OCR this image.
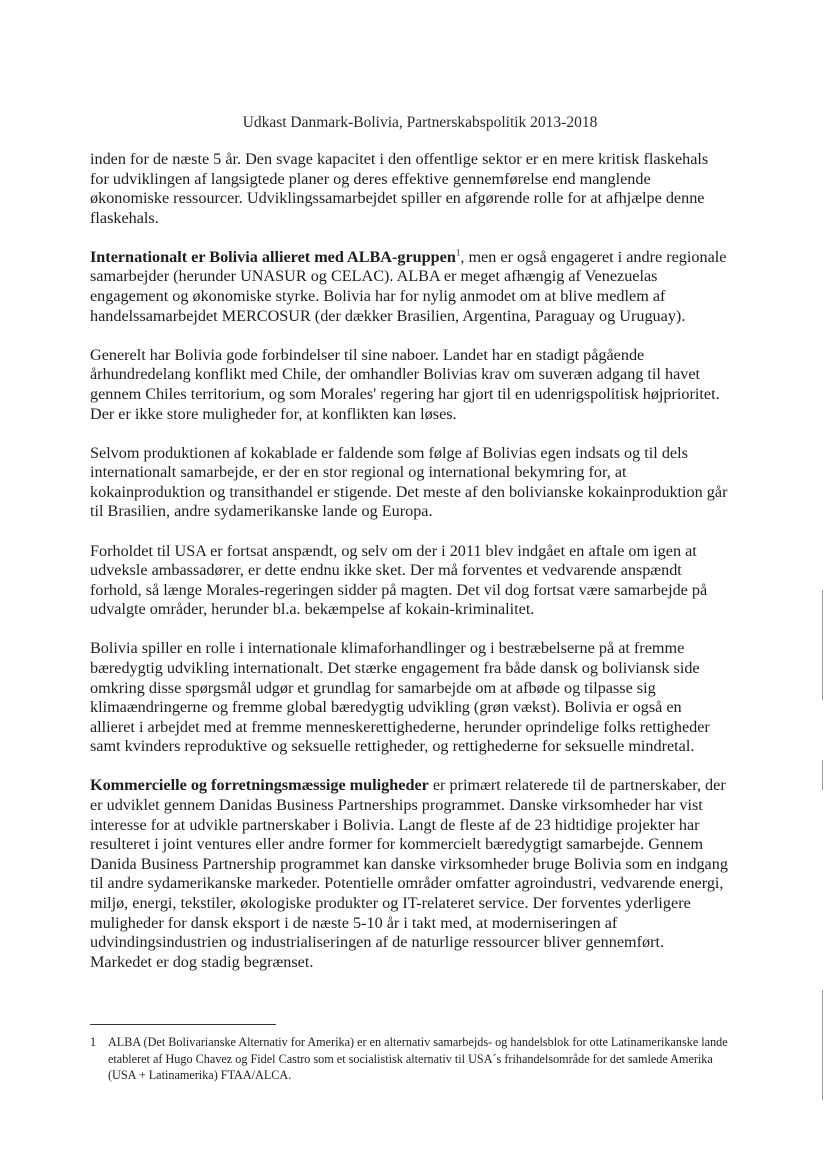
Udkast Danmark-Bolivia, Partnerskabspolitik 2013-2018

inden for de næste 5 år. Den svage kapacitet i den offentlige sektor er en mere kritisk flaskehals for udviklingen af langsigtede planer og deres effektive gennemførelse end manglende økonomiske ressourcer. Udviklingssamarbejdet spiller en afgørende rolle for at afhjælpe denne flaskehals.

Internationalt er Bolivia allieret med ALBA-gruppen$^1$, men er også engageret i andre regionale samarbejder (herunder UNASUR og CELAC). ALBA er meget afhængig af Venezuelas engagement og økonomiske styrke. Bolivia har for nylig anmodet om at blive medlem af handelssamarbejdet MERCOSUR (der dækker Brasilien, Argentina, Paraguay og Uruguay).

Generelt har Bolivia gode forbindelser til sine naboer. Landet har en stadigt pågående århundredelang konflikt med Chile, der omhandler Bolivias krav om suveræn adgang til havet gennem Chiles territorium, og som Morales' regering har gjort til en udenrigspolitisk højprioritet. Der er ikke store muligheder for, at konflikten kan løses.

Selvom produktionen af kokablade er faldende som følge af Bolivias egen indsats og til dels internationalt samarbejde, er der en stor regional og international bekymring for, at kokainproduktion og transithandel er stigende. Det meste af den bolivianske kokainproduktion går til Brasilien, andre sydamerikanske lande og Europa.

Forholdet til USA er fortsat anspændt, og selv om der i 2011 blev indgået en aftale om igen at udveksle ambassadører, er dette endnu ikke sket. Der må forventes et vedvarende anspændt forhold, så længe Morales-regeringen sidder på magten. Det vil dog fortsat være samarbejde på udvalgte områder, herunder bl.a. bekæmpelse af kokain-kriminalitet.

Bolivia spiller en rolle i internationale klimaforhandlinger og i bestræbelserne på at fremme bæredygtig udvikling internationalt. Det stærke engagement fra både dansk og boliviansk side omkring disse spørgsmål udgør et grundlag for samarbejde om at afbøde og tilpasse sig klimaændringerne og fremme global bæredygtig udvikling (grøn vækst). Bolivia er også en allieret i arbejdet med at fremme menneskerettighederne, herunder oprindelige folks rettigheder samt kvinders reproduktive og seksuelle rettigheder, og rettighederne for seksuelle mindretal.

Kommercielle og forretningsmæssige muligheder er primært relaterede til de partnerskaber, der er udviklet gennem Danidas Business Partnerships programmet. Danske virksomheder har vist interesse for at udvikle partnerskaber i Bolivia. Langt de fleste af de 23 hidtidige projekter har resulteret i joint ventures eller andre former for kommercielt bæredygtigt samarbejde. Gennem Danida Business Partnership programmet kan danske virksomheder bruge Bolivia som en indgang til andre sydamerikanske markeder. Potentielle områder omfatter agroindustri, vedvarende energi, miljø, energi, tekstiler, økologiske produkter og IT-relateret service. Der forventes yderligere muligheder for dansk eksport i de næste 5-10 år i takt med, at moderniseringen af udvindingsindustrien og industrialiseringen af de naturlige ressourcer bliver gennemført. Markedet er dog stadig begrænset.

1 ALBA (Det Bolivarianske Alternativ for Amerika) er en alternativ samarbejds- og handelsblok for otte Latinamerikanske lande etableret af Hugo Chavez og Fidel Castro som et socialistisk alternativ til USA´s frihandelsområde for det samlede Amerika (USA + Latinamerika) FTAA/ALCA.
